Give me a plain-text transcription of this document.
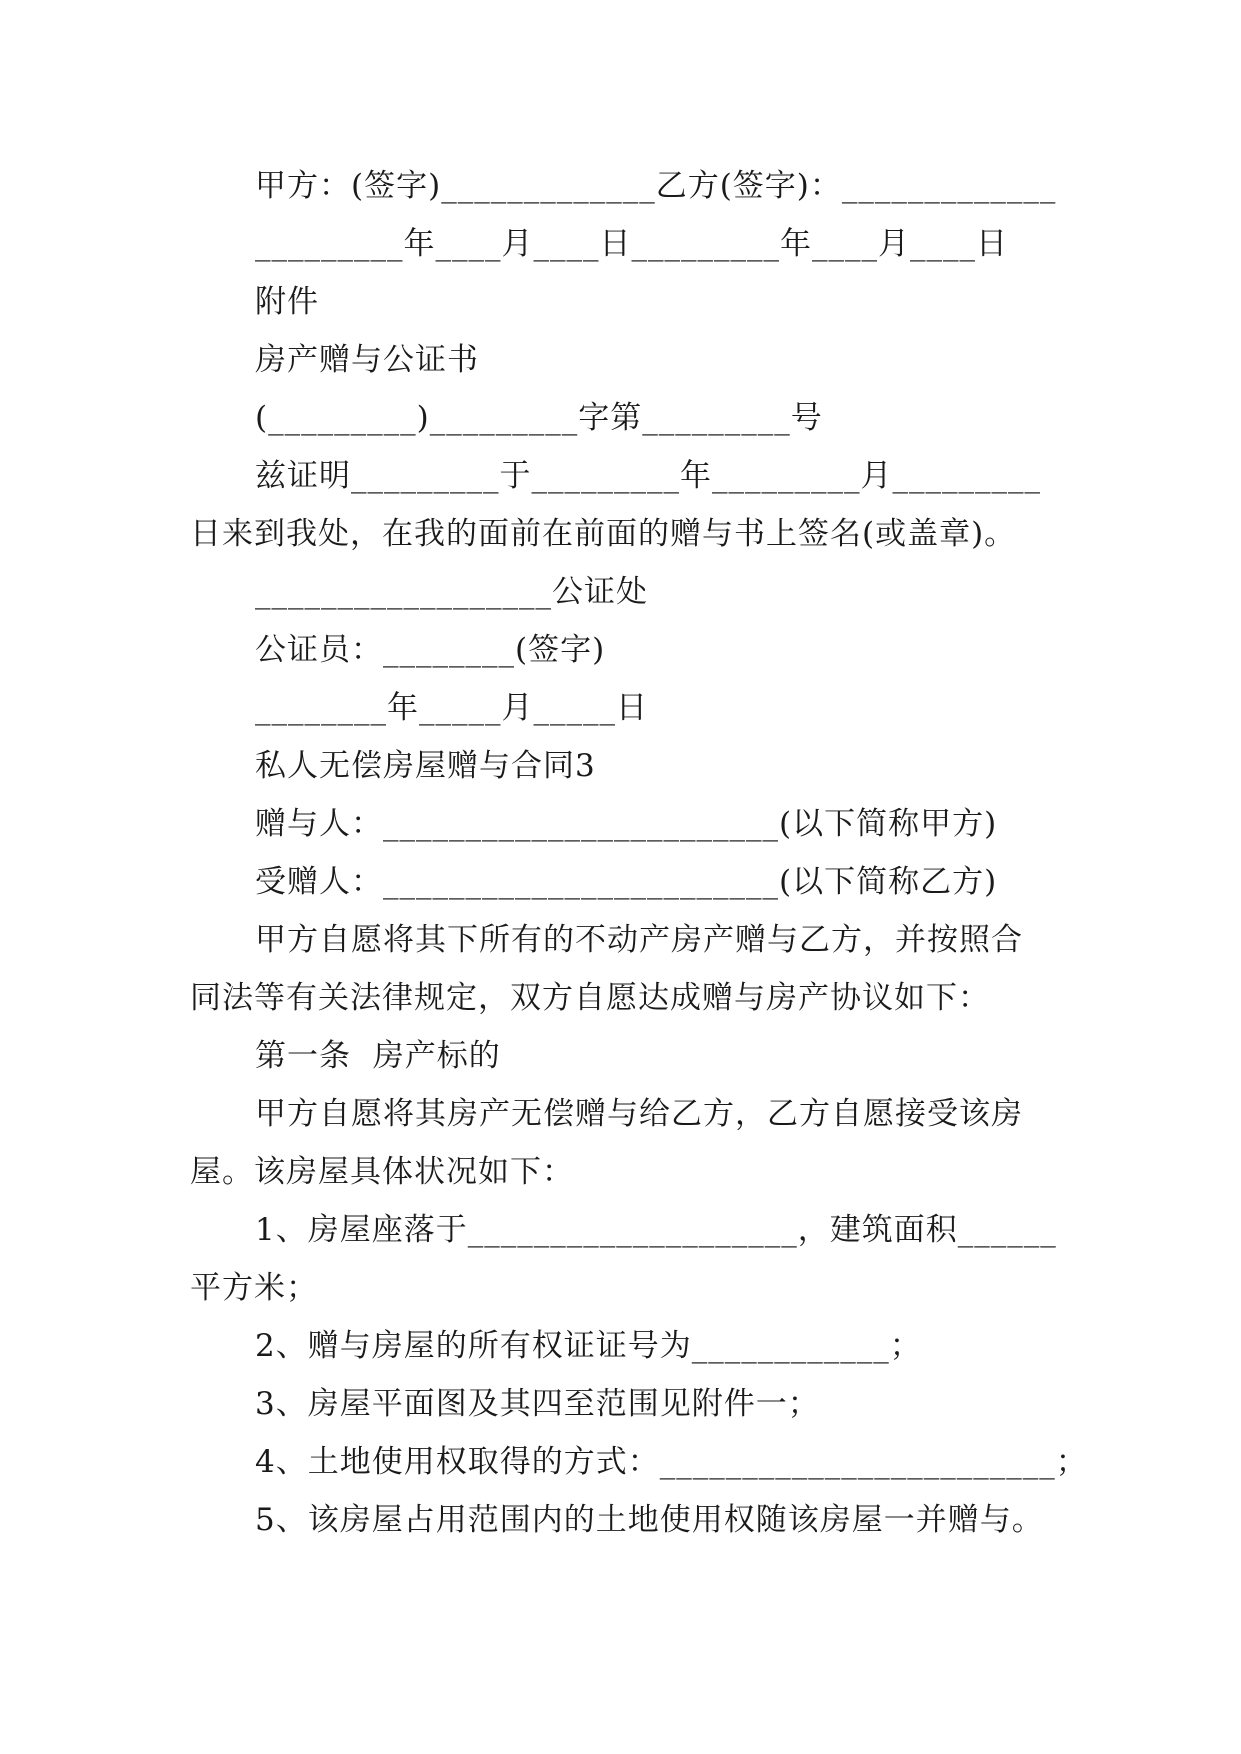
甲方：(签字)_____________乙方(签字)：_____________
_________年____月____日_________年____月____日
附件
房产赠与公证书
(_________)_________字第_________号
兹证明_________于_________年_________月_________
日来到我处，在我的面前在前面的赠与书上签名(或盖章)。
__________________公证处
公证员：________(签字)
________年_____月_____日
私人无偿房屋赠与合同3
赠与人：________________________(以下简称甲方)
受赠人：________________________(以下简称乙方)
甲方自愿将其下所有的不动产房产赠与乙方，并按照合
同法等有关法律规定，双方自愿达成赠与房产协议如下：
第一条  房产标的
甲方自愿将其房产无偿赠与给乙方，乙方自愿接受该房
屋。该房屋具体状况如下：
1、房屋座落于____________________，建筑面积______
平方米；
2、赠与房屋的所有权证证号为____________；
3、房屋平面图及其四至范围见附件一；
4、土地使用权取得的方式：________________________；
5、该房屋占用范围内的土地使用权随该房屋一并赠与。
